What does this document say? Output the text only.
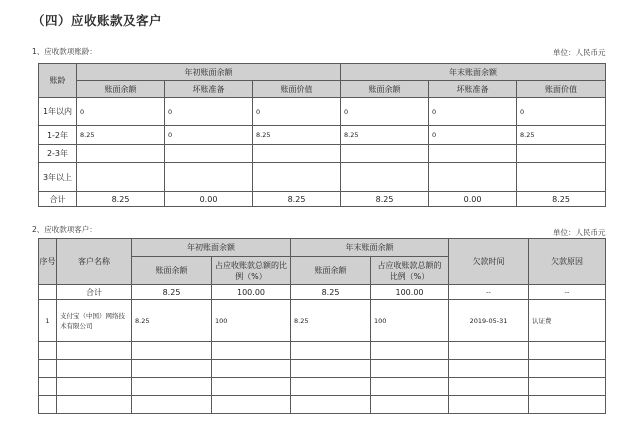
（四）应收账款及客户
1、应收款项账龄：	单位：人民币元
账龄	年初账面余额			年末账面余额		
	账面余额	坏账准备	账面价值	账面余额	坏账准备	账面价值
1年以内	0	0	0	0	0	0
1-2年	8.25	0	8.25	8.25	0	8.25
2-3年						
3年以上						
合计	8.25	0.00	8.25	8.25	0.00	8.25
2、应收款项客户：	单位：人民币元
序号	客户名称	年初账面余额		年末账面余额		欠款时间	欠款原因
		账面余额	占应收账款总额的比例（%）	账面余额	占应收账款总额的比例（%）		
	合计	8.25	100.00	8.25	100.00	--	--
1	支付宝（中国）网络技术有限公司	8.25	100	8.25	100	2019-05-31	认证费
